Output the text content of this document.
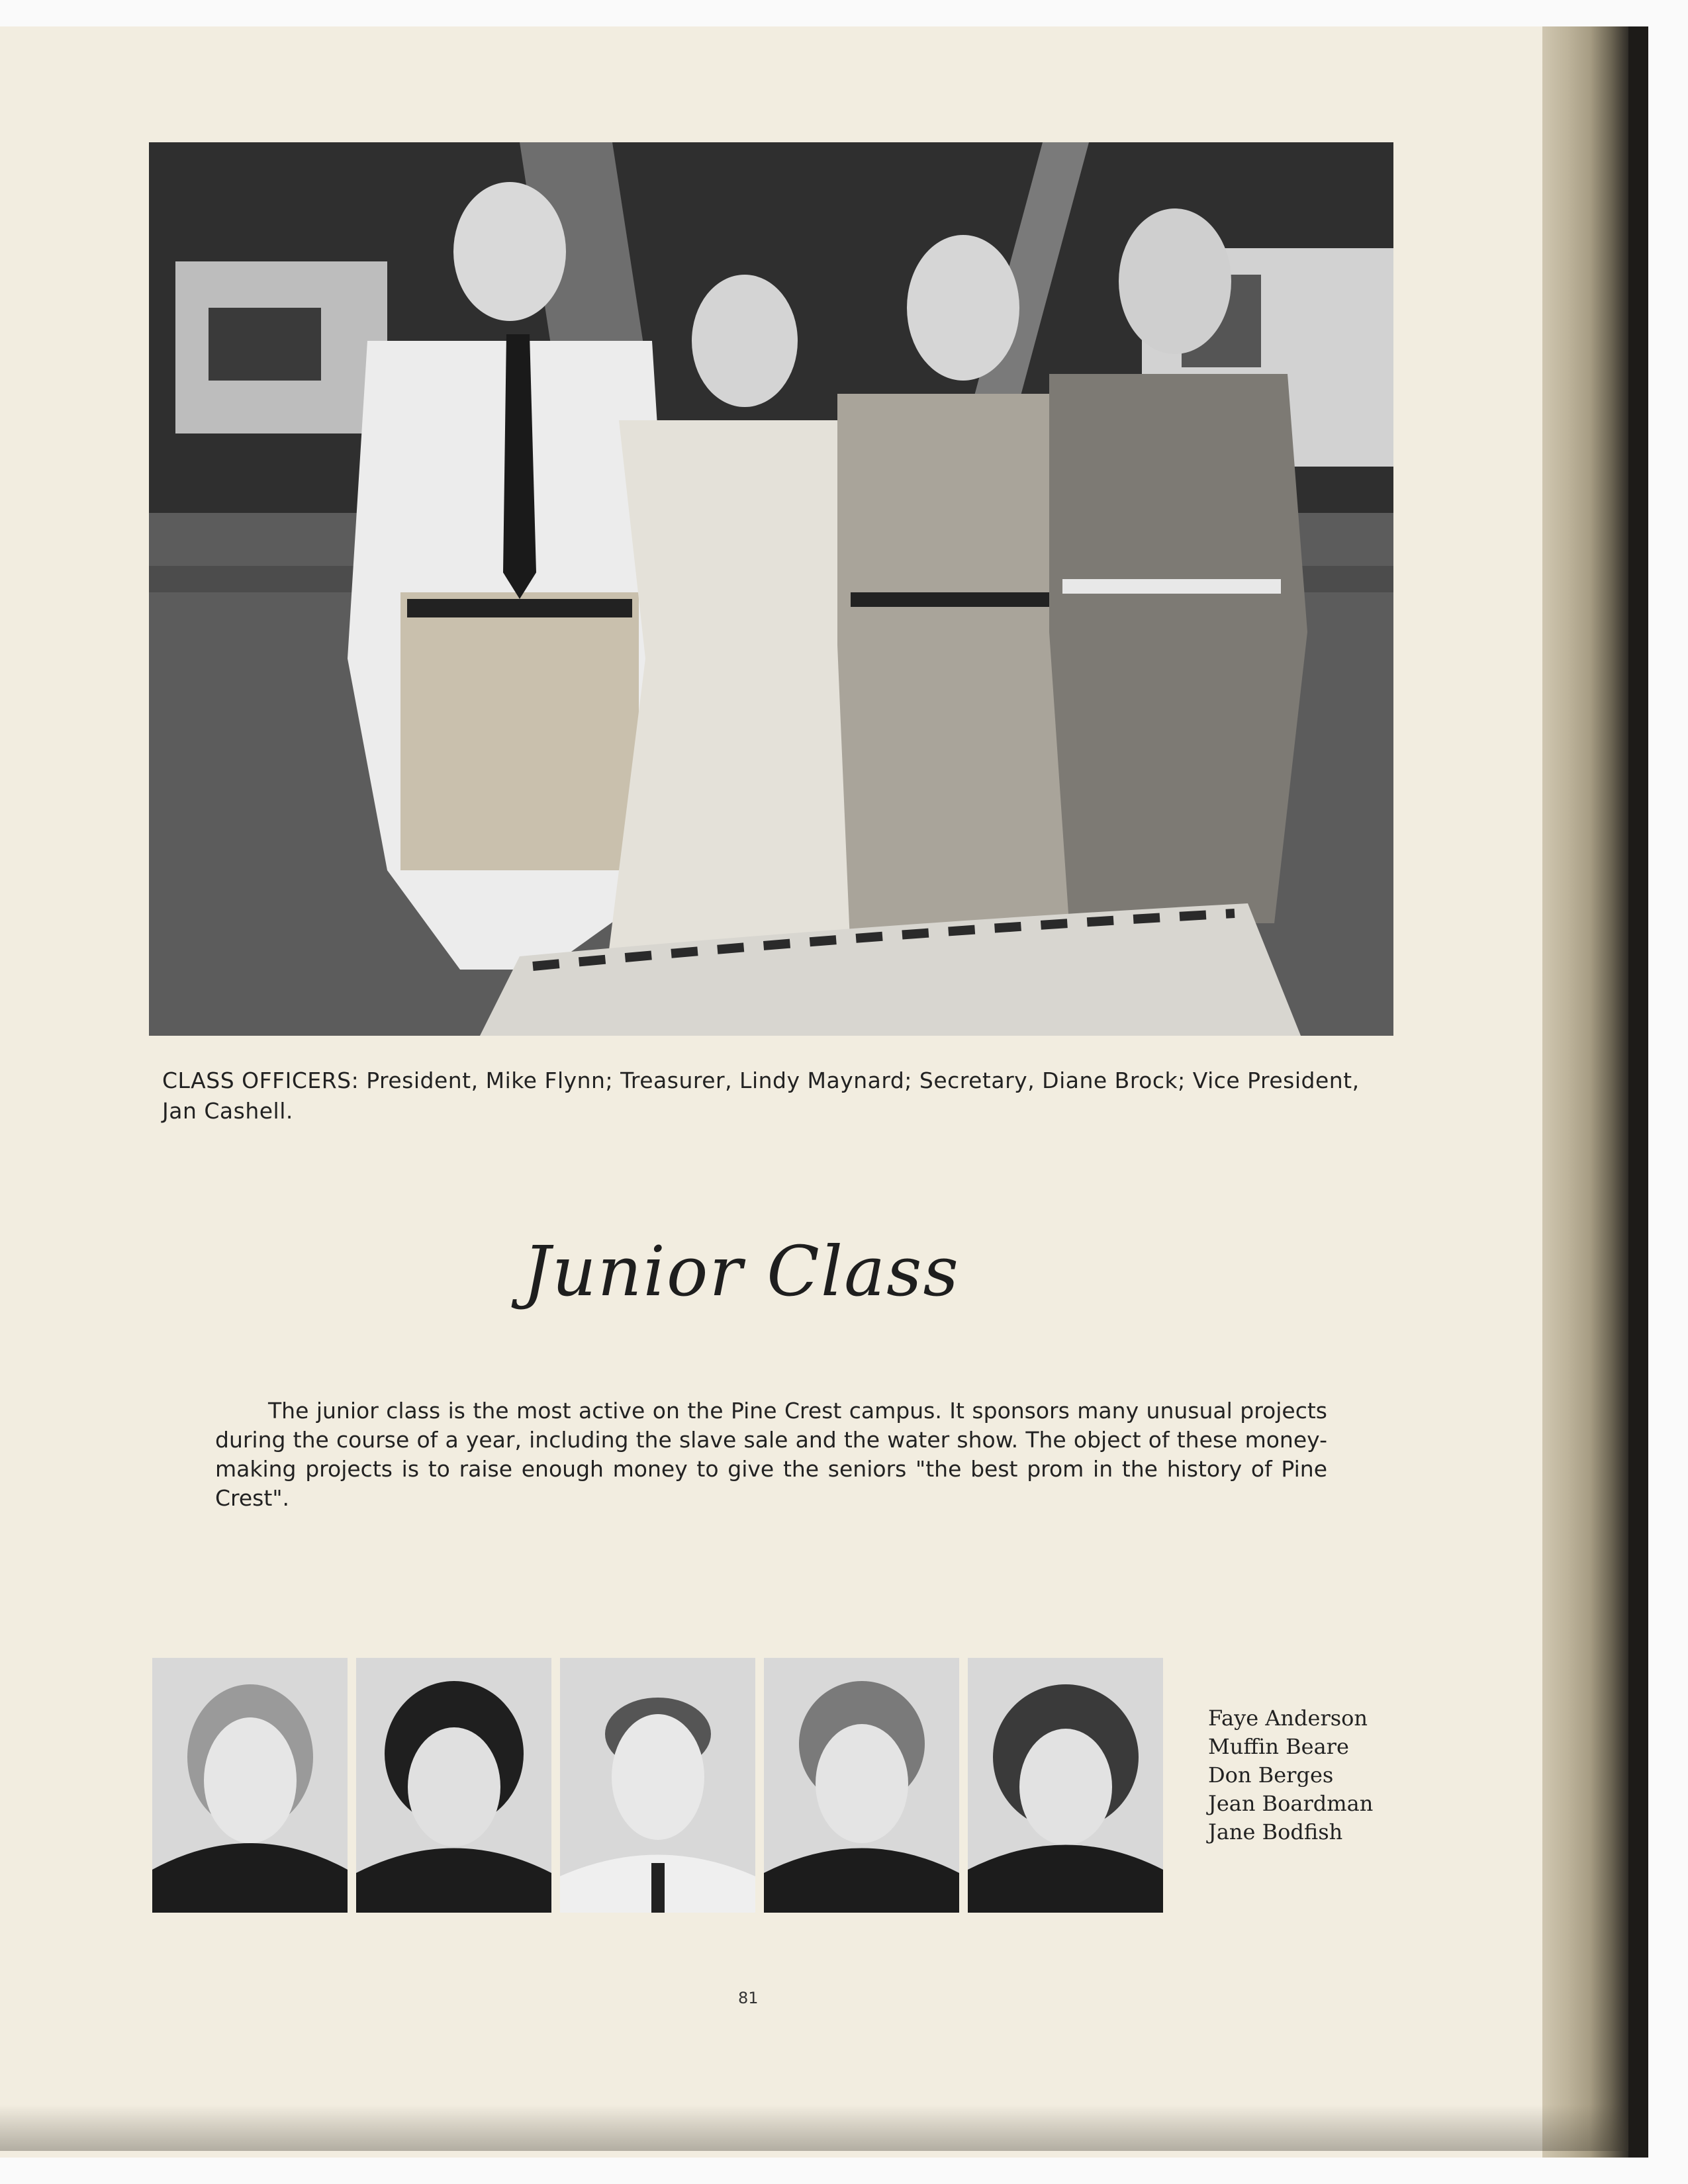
CLASS OFFICERS: President, Mike Flynn; Treasurer, Lindy Maynard; Secretary, Diane Brock; Vice President, Jan Cashell.
Junior Class
The junior class is the most active on the Pine Crest campus. It sponsors many unusual projects during the course of a year, including the slave sale and the water show. The object of these money-making projects is to raise enough money to give the seniors "the best prom in the history of Pine Crest".
Faye Anderson
Muffin Beare
Don Berges
Jean Boardman
Jane Bodfish
81
